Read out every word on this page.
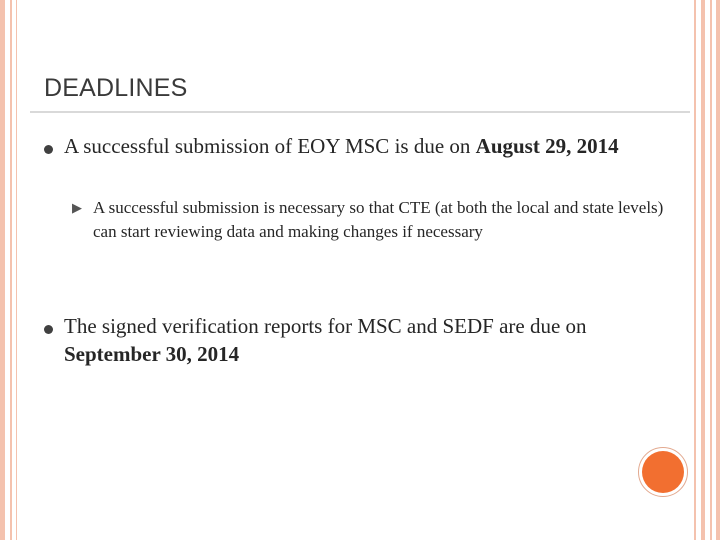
DEADLINES
A successful submission of EOY MSC is due on August 29, 2014
▶ A successful submission is necessary so that CTE (at both the local and state levels) can start reviewing data and making changes if necessary
The signed verification reports for MSC and SEDF are due on September 30, 2014
